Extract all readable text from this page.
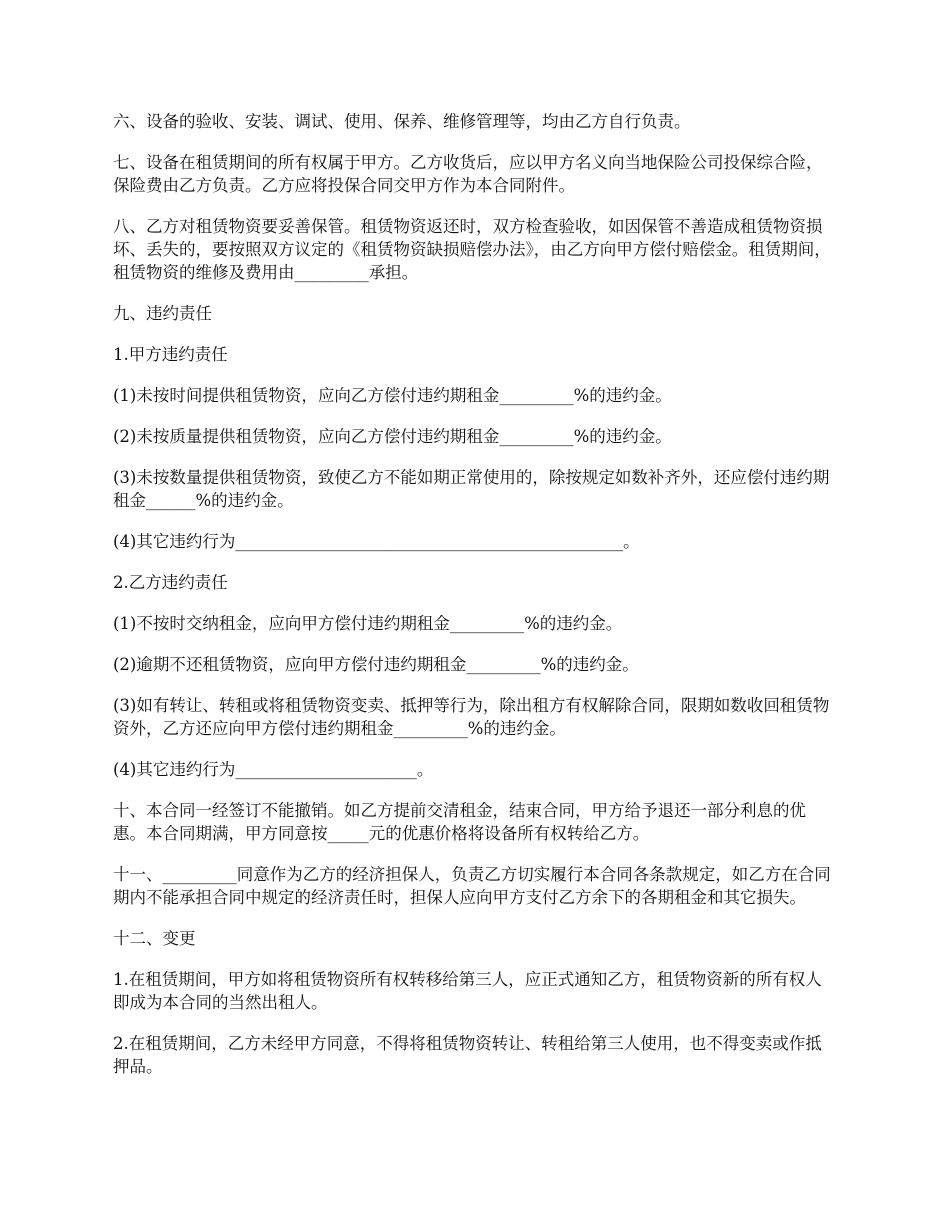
六、设备的验收、安装、调试、使用、保养、维修管理等，均由乙方自行负责。

七、设备在租赁期间的所有权属于甲方。乙方收货后，应以甲方名义向当地保险公司投保综合险，保险费由乙方负责。乙方应将投保合同交甲方作为本合同附件。

八、乙方对租赁物资要妥善保管。租赁物资返还时，双方检查验收，如因保管不善造成租赁物资损坏、丢失的，要按照双方议定的《租赁物资缺损赔偿办法》，由乙方向甲方偿付赔偿金。租赁期间，租赁物资的维修及费用由_________承担。

九、违约责任

1.甲方违约责任

(1)未按时间提供租赁物资，应向乙方偿付违约期租金_________%的违约金。

(2)未按质量提供租赁物资，应向乙方偿付违约期租金_________%的违约金。

(3)未按数量提供租赁物资，致使乙方不能如期正常使用的，除按规定如数补齐外，还应偿付违约期租金______%的违约金。

(4)其它违约行为_______________________________________________。

2.乙方违约责任

(1)不按时交纳租金，应向甲方偿付违约期租金_________%的违约金。

(2)逾期不还租赁物资，应向甲方偿付违约期租金_________%的违约金。

(3)如有转让、转租或将租赁物资变卖、抵押等行为，除出租方有权解除合同，限期如数收回租赁物资外，乙方还应向甲方偿付违约期租金_________%的违约金。

(4)其它违约行为______________________。

十、本合同一经签订不能撤销。如乙方提前交清租金，结束合同，甲方给予退还一部分利息的优惠。本合同期满，甲方同意按_____元的优惠价格将设备所有权转给乙方。

十一、_________同意作为乙方的经济担保人，负责乙方切实履行本合同各条款规定，如乙方在合同期内不能承担合同中规定的经济责任时，担保人应向甲方支付乙方余下的各期租金和其它损失。

十二、变更

1.在租赁期间，甲方如将租赁物资所有权转移给第三人，应正式通知乙方，租赁物资新的所有权人即成为本合同的当然出租人。

2.在租赁期间，乙方未经甲方同意，不得将租赁物资转让、转租给第三人使用，也不得变卖或作抵押品。
